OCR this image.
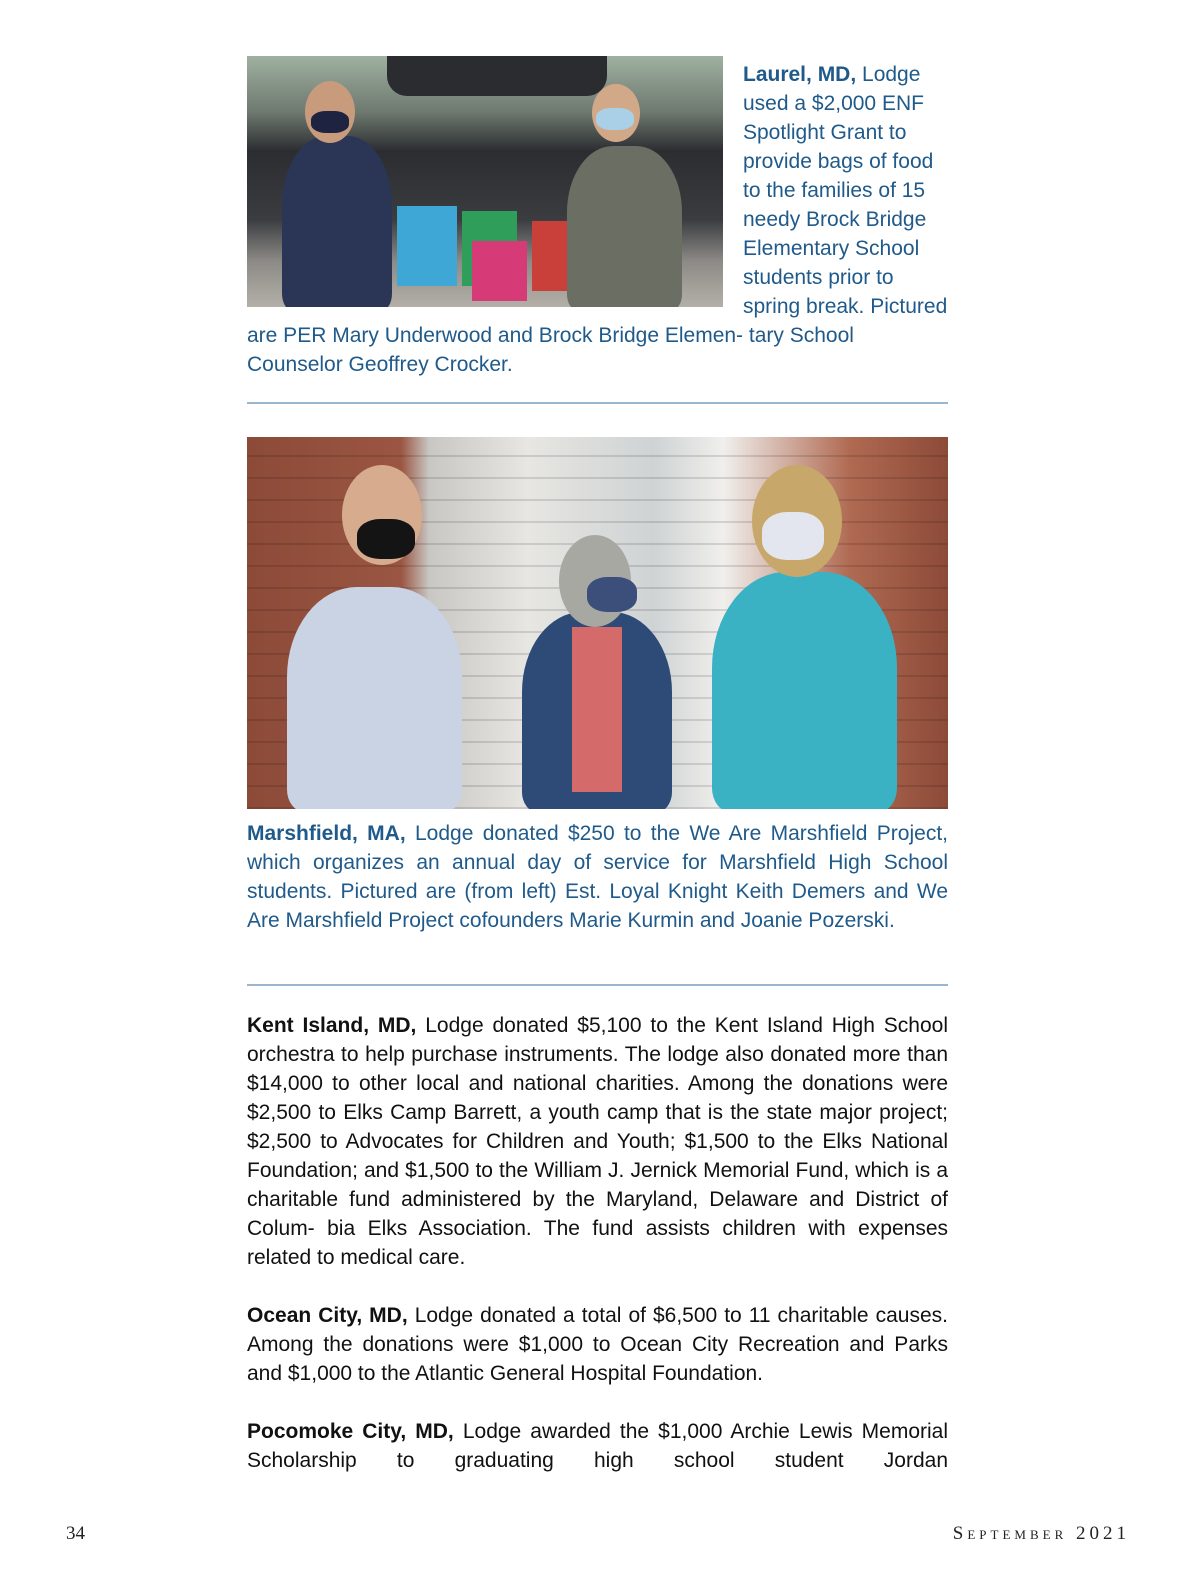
Laurel, MD, Lodge used a $2,000 ENF Spotlight Grant to provide bags of food to the families of 15 needy Brock Bridge Elementary School students prior to spring break. Pictured are PER Mary Underwood and Brock Bridge Elemen- tary School Counselor Geoffrey Crocker.

Marshfield, MA, Lodge donated $250 to the We Are Marshfield Project, which organizes an annual day of service for Marshfield High School students. Pictured are (from left) Est. Loyal Knight Keith Demers and We Are Marshfield Project cofounders Marie Kurmin and Joanie Pozerski.

Kent Island, MD, Lodge donated $5,100 to the Kent Island High School orchestra to help purchase instruments. The lodge also donated more than $14,000 to other local and national charities. Among the donations were $2,500 to Elks Camp Barrett, a youth camp that is the state major project; $2,500 to Advocates for Children and Youth; $1,500 to the Elks National Foundation; and $1,500 to the William J. Jernick Memorial Fund, which is a charitable fund administered by the Maryland, Delaware and District of Colum- bia Elks Association. The fund assists children with expenses related to medical care.

Ocean City, MD, Lodge donated a total of $6,500 to 11 charitable causes. Among the donations were $1,000 to Ocean City Recreation and Parks and $1,000 to the Atlantic General Hospital Foundation.

Pocomoke City, MD, Lodge awarded the $1,000 Archie Lewis Memorial Scholarship to graduating high school student Jordan

34	September 2021
